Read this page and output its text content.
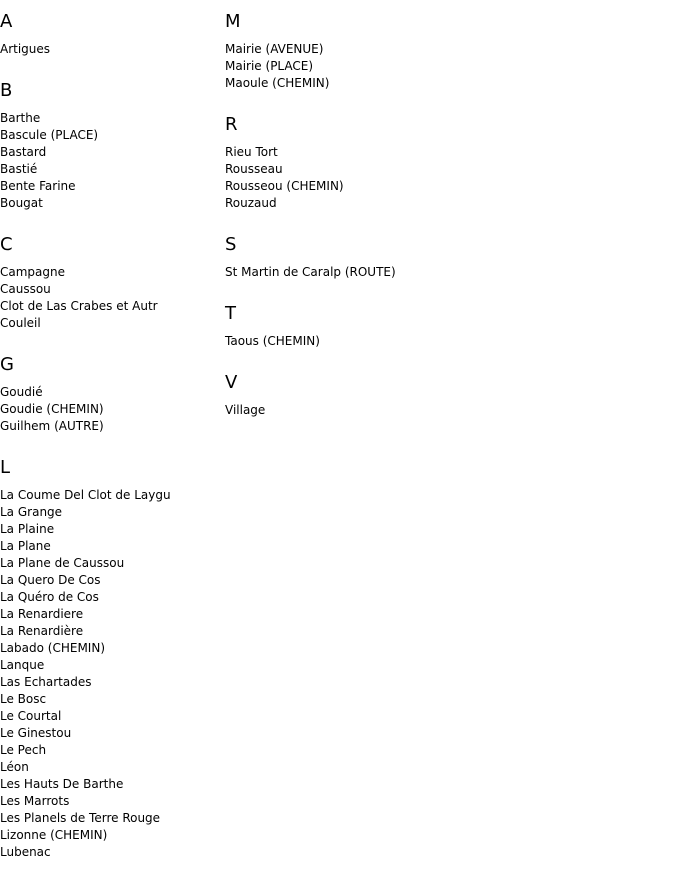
A
Artigues
B
Barthe
Bascule (PLACE)
Bastard
Bastié
Bente Farine
Bougat
C
Campagne
Caussou
Clot de Las Crabes et Autr
Couleil
G
Goudié
Goudie (CHEMIN)
Guilhem (AUTRE)
L
La Coume Del Clot de Laygu
La Grange
La Plaine
La Plane
La Plane de Caussou
La Quero De Cos
La Quéro de Cos
La Renardiere
La Renardière
Labado (CHEMIN)
Lanque
Las Echartades
Le Bosc
Le Courtal
Le Ginestou
Le Pech
Léon
Les Hauts De Barthe
Les Marrots
Les Planels de Terre Rouge
Lizonne (CHEMIN)
Lubenac
M
Mairie (AVENUE)
Mairie (PLACE)
Maoule (CHEMIN)
R
Rieu Tort
Rousseau
Rousseou (CHEMIN)
Rouzaud
S
St Martin de Caralp (ROUTE)
T
Taous (CHEMIN)
V
Village
